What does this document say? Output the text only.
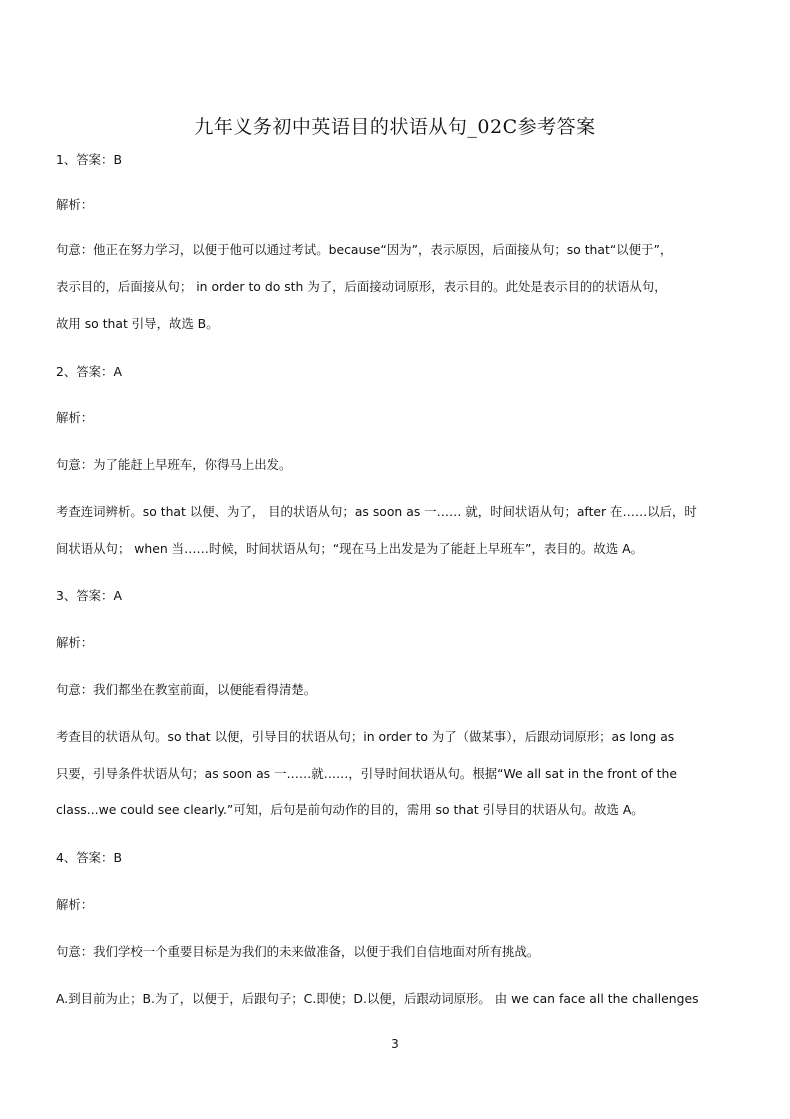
九年义务初中英语目的状语从句_02C参考答案
1、答案：B
解析：
句意：他正在努力学习，以便于他可以通过考试。because“因为”，表示原因，后面接从句；so that“以便于”，
表示目的，后面接从句； in order to do sth 为了，后面接动词原形，表示目的。此处是表示目的的状语从句，
故用 so that 引导，故选 B。
2、答案：A
解析：
句意：为了能赶上早班车，你得马上出发。
考查连词辨析。so that 以便、为了， 目的状语从句；as soon as 一…… 就，时间状语从句；after 在……以后，时
间状语从句； when 当……时候，时间状语从句；“现在马上出发是为了能赶上早班车”，表目的。故选 A。
3、答案：A
解析：
句意：我们都坐在教室前面，以便能看得清楚。
考查目的状语从句。so that 以便，引导目的状语从句；in order to 为了（做某事），后跟动词原形；as long as
只要，引导条件状语从句；as soon as 一……就……，引导时间状语从句。根据“We all sat in the front of the
class...we could see clearly.”可知，后句是前句动作的目的，需用 so that 引导目的状语从句。故选 A。
4、答案：B
解析：
句意：我们学校一个重要目标是为我们的未来做准备，以便于我们自信地面对所有挑战。
A.到目前为止；B.为了，以便于，后跟句子；C.即使；D.以便，后跟动词原形。 由 we can face all the challenges
3
